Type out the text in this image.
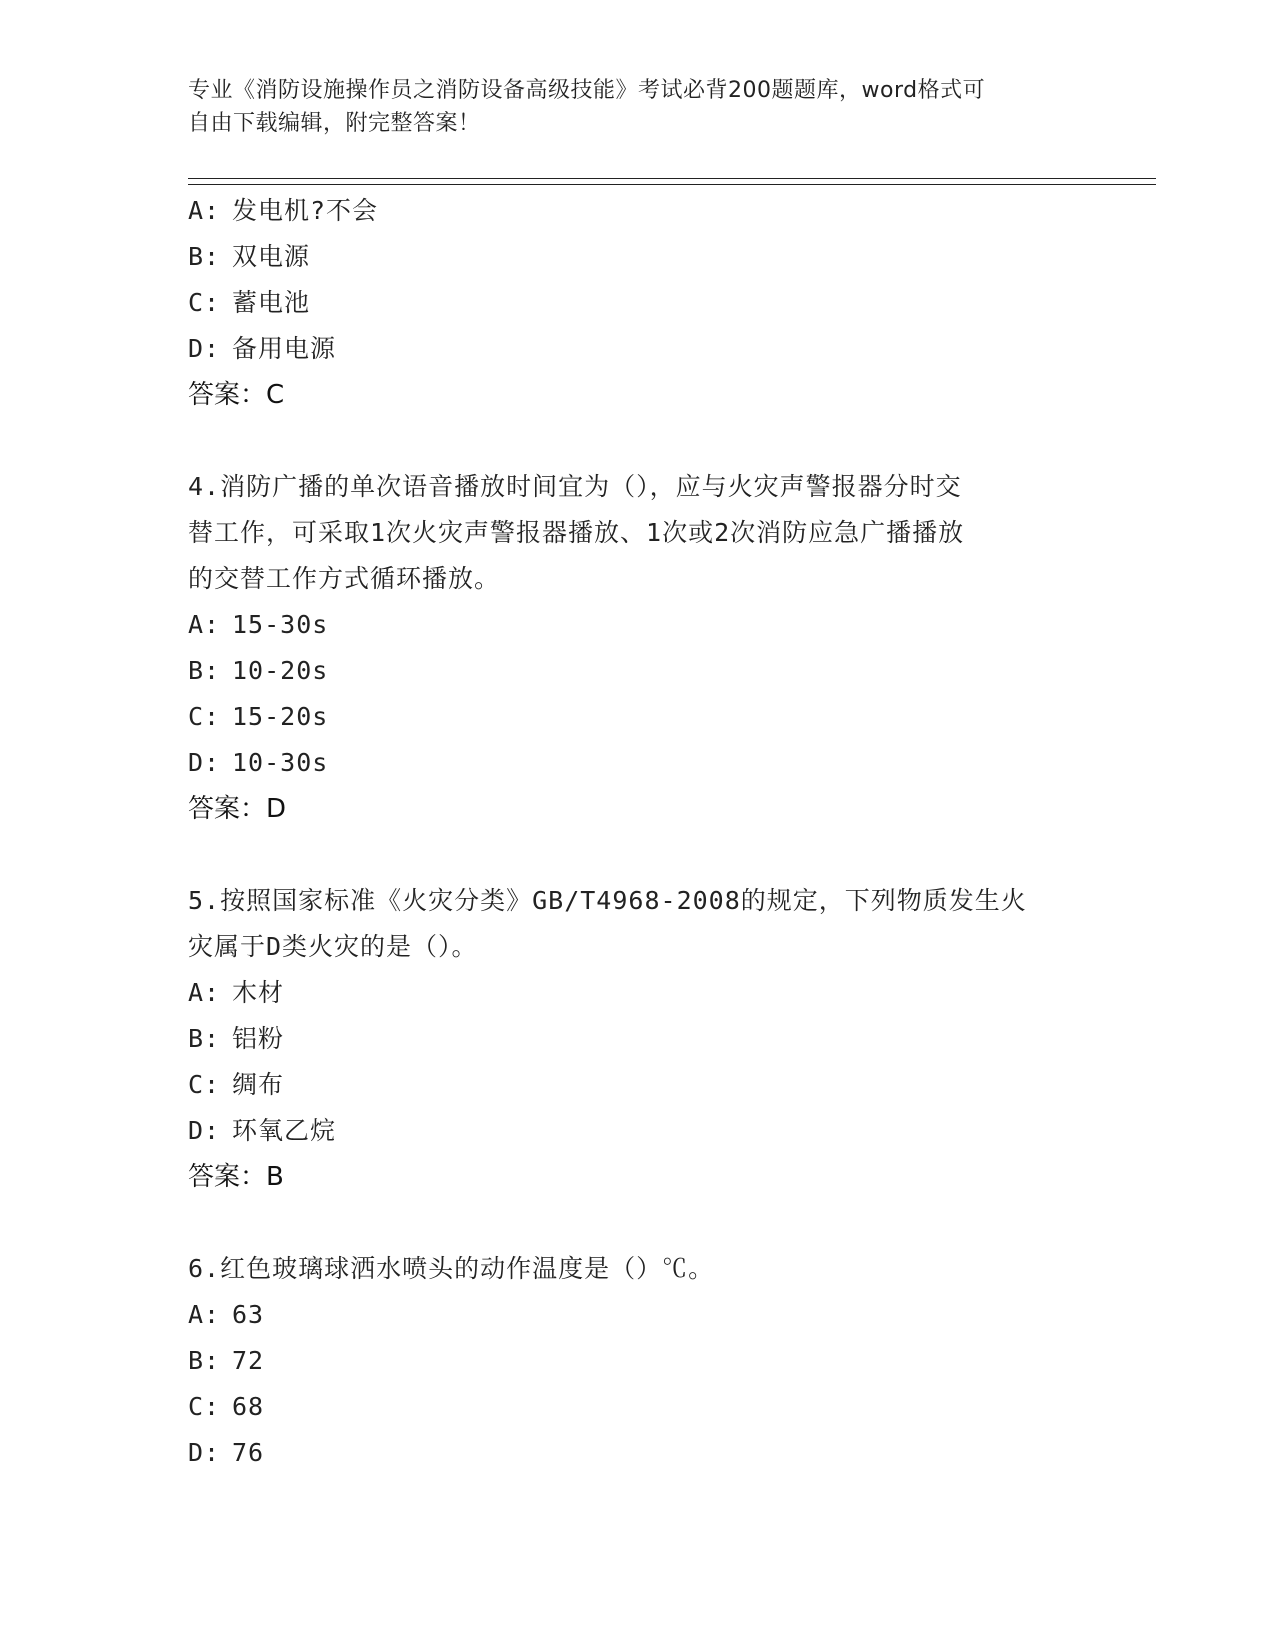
专业《消防设施操作员之消防设备高级技能》考试必背200题题库，word格式可
自由下载编辑，附完整答案！

A: 发电机?不会

B: 双电源

C: 蓄电池

D: 备用电源

答案：C

4.消防广播的单次语音播放时间宜为（），应与火灾声警报器分时交

替工作，可采取1次火灾声警报器播放、1次或2次消防应急广播播放

的交替工作方式循环播放。

A: 15-30s

B: 10-20s

C: 15-20s

D: 10-30s

答案：D

5.按照国家标准《火灾分类》GB/T4968-2008的规定，下列物质发生火

灾属于D类火灾的是（）。

A: 木材

B: 铝粉

C: 绸布

D: 环氧乙烷

答案：B

6.红色玻璃球洒水喷头的动作温度是（）℃。

A: 63

B: 72

C: 68

D: 76
